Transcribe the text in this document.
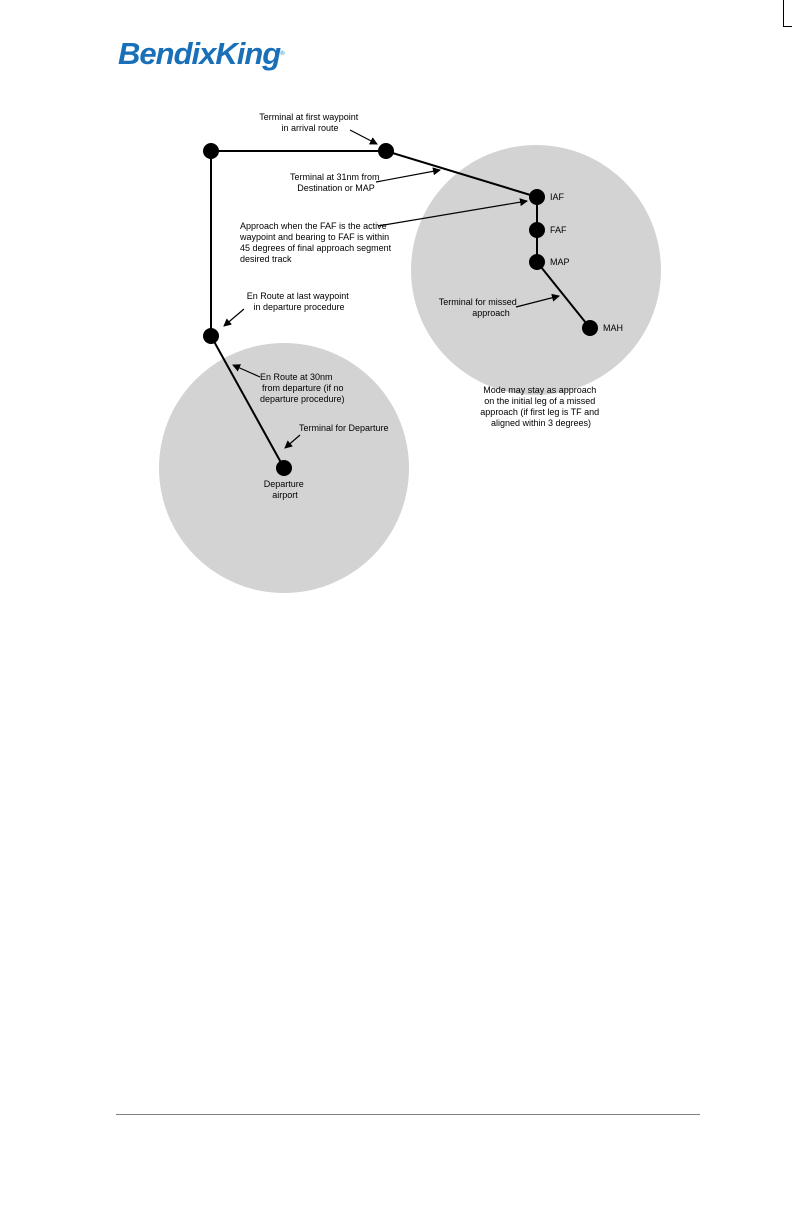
BendixKing®
IAF
FAF
MAP
MAH
Departure airport
Terminal at first waypoint in arrival route
Terminal at 31nm from Destination or MAP
Approach when the FAF is the active waypoint and bearing to FAF is within 45 degrees of final approach segment desired track
En Route at last waypoint in departure procedure	Terminal for missed approach
En Route at 30nm from departure (if no departure procedure)
Mode may stay as approach on the initial leg of a missed approach (if first leg is TF and aligned within 3 degrees)
Terminal for Departure
